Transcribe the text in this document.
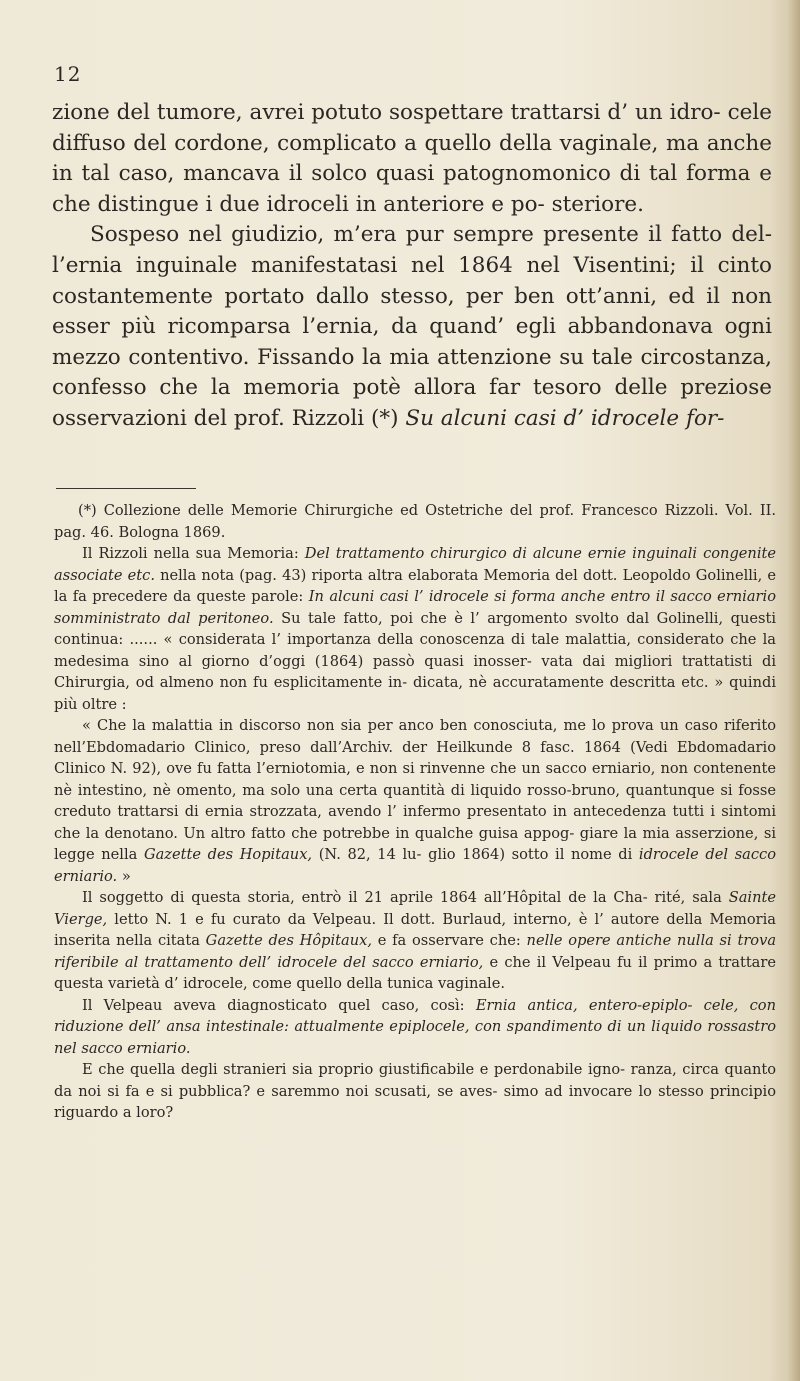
12

zione del tumore, avrei potuto sospettare trattarsi d’ un idro- cele diffuso del cordone, complicato a quello della vaginale, ma anche in tal caso, mancava il solco quasi patognomonico di tal forma e che distingue i due idroceli in anteriore e po- steriore.

Sospeso nel giudizio, m’era pur sempre presente il fatto del- l’ernia inguinale manifestatasi nel 1864 nel Visentini; il cinto costantemente portato dallo stesso, per ben ott’anni, ed il non esser più ricomparsa l’ernia, da quand’ egli abbandonava ogni mezzo contentivo. Fissando la mia attenzione su tale circostanza, confesso che la memoria potè allora far tesoro delle preziose osservazioni del prof. Rizzoli (*) Su alcuni casi d’ idrocele for-

(*) Collezione delle Memorie Chirurgiche ed Ostetriche del prof. Francesco Rizzoli. Vol. II. pag. 46. Bologna 1869.

Il Rizzoli nella sua Memoria: Del trattamento chirurgico di alcune ernie inguinali congenite associate etc. nella nota (pag. 43) riporta altra elaborata Memoria del dott. Leopoldo Golinelli, e la fa precedere da queste parole: In alcuni casi l’ idrocele si forma anche entro il sacco erniario somministrato dal peritoneo. Su tale fatto, poi che è l’ argomento svolto dal Golinelli, questi continua: ...... « considerata l’ importanza della conoscenza di tale malattia, considerato che la medesima sino al giorno d’oggi (1864) passò quasi inosser- vata dai migliori trattatisti di Chirurgia, od almeno non fu esplicitamente in- dicata, nè accuratamente descritta etc. » quindi più oltre :

« Che la malattia in discorso non sia per anco ben conosciuta, me lo prova un caso riferito nell’Ebdomadario Clinico, preso dall’Archiv. der Heilkunde 8 fasc. 1864 (Vedi Ebdomadario Clinico N. 92), ove fu fatta l’erniotomia, e non si rinvenne che un sacco erniario, non contenente nè intestino, nè omento, ma solo una certa quantità di liquido rosso-bruno, quantunque si fosse creduto trattarsi di ernia strozzata, avendo l’ infermo presentato in antecedenza tutti i sintomi che la denotano. Un altro fatto che potrebbe in qualche guisa appog- giare la mia asserzione, si legge nella Gazette des Hopitaux, (N. 82, 14 lu- glio 1864) sotto il nome di idrocele del sacco erniario. »

Il soggetto di questa storia, entrò il 21 aprile 1864 all’Hôpital de la Cha- rité, sala Sainte Vierge, letto N. 1 e fu curato da Velpeau. Il dott. Burlaud, interno, è l’ autore della Memoria inserita nella citata Gazette des Hôpitaux, e fa osservare che: nelle opere antiche nulla si trova riferibile al trattamento dell’ idrocele del sacco erniario, e che il Velpeau fu il primo a trattare questa varietà d’ idrocele, come quello della tunica vaginale.

Il Velpeau aveva diagnosticato quel caso, così: Ernia antica, entero-epiplo- cele, con riduzione dell’ ansa intestinale: attualmente epiplocele, con spandimento di un liquido rossastro nel sacco erniario.

E che quella degli stranieri sia proprio giustificabile e perdonabile igno- ranza, circa quanto da noi si fa e si pubblica? e saremmo noi scusati, se aves- simo ad invocare lo stesso principio riguardo a loro?
